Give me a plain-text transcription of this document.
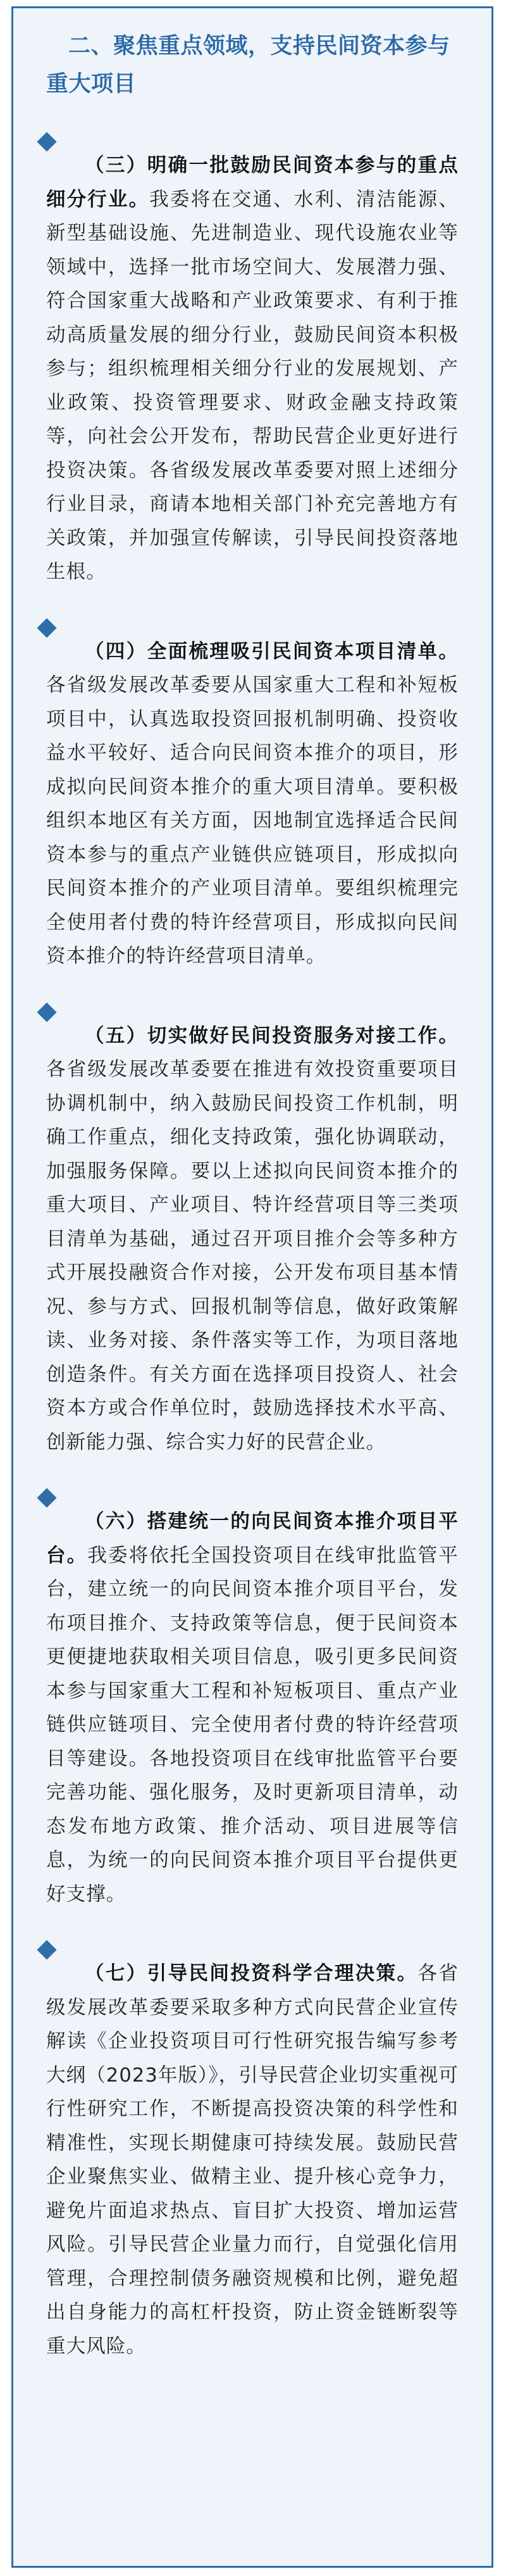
二、聚焦重点领域，支持民间资本参与重大项目

（三）明确一批鼓励民间资本参与的重点细分行业。我委将在交通、水利、清洁能源、新型基础设施、先进制造业、现代设施农业等领域中，选择一批市场空间大、发展潜力强、符合国家重大战略和产业政策要求、有利于推动高质量发展的细分行业，鼓励民间资本积极参与；组织梳理相关细分行业的发展规划、产业政策、投资管理要求、财政金融支持政策等，向社会公开发布，帮助民营企业更好进行投资决策。各省级发展改革委要对照上述细分行业目录，商请本地相关部门补充完善地方有关政策，并加强宣传解读，引导民间投资落地生根。

（四）全面梳理吸引民间资本项目清单。各省级发展改革委要从国家重大工程和补短板项目中，认真选取投资回报机制明确、投资收益水平较好、适合向民间资本推介的项目，形成拟向民间资本推介的重大项目清单。要积极组织本地区有关方面，因地制宜选择适合民间资本参与的重点产业链供应链项目，形成拟向民间资本推介的产业项目清单。要组织梳理完全使用者付费的特许经营项目，形成拟向民间资本推介的特许经营项目清单。

（五）切实做好民间投资服务对接工作。各省级发展改革委要在推进有效投资重要项目协调机制中，纳入鼓励民间投资工作机制，明确工作重点，细化支持政策，强化协调联动，加强服务保障。要以上述拟向民间资本推介的重大项目、产业项目、特许经营项目等三类项目清单为基础，通过召开项目推介会等多种方式开展投融资合作对接，公开发布项目基本情况、参与方式、回报机制等信息，做好政策解读、业务对接、条件落实等工作，为项目落地创造条件。有关方面在选择项目投资人、社会资本方或合作单位时，鼓励选择技术水平高、创新能力强、综合实力好的民营企业。

（六）搭建统一的向民间资本推介项目平台。我委将依托全国投资项目在线审批监管平台，建立统一的向民间资本推介项目平台，发布项目推介、支持政策等信息，便于民间资本更便捷地获取相关项目信息，吸引更多民间资本参与国家重大工程和补短板项目、重点产业链供应链项目、完全使用者付费的特许经营项目等建设。各地投资项目在线审批监管平台要完善功能、强化服务，及时更新项目清单，动态发布地方政策、推介活动、项目进展等信息，为统一的向民间资本推介项目平台提供更好支撑。

（七）引导民间投资科学合理决策。各省级发展改革委要采取多种方式向民营企业宣传解读《企业投资项目可行性研究报告编写参考大纲（2023年版）》，引导民营企业切实重视可行性研究工作，不断提高投资决策的科学性和精准性，实现长期健康可持续发展。鼓励民营企业聚焦实业、做精主业、提升核心竞争力，避免片面追求热点、盲目扩大投资、增加运营风险。引导民营企业量力而行，自觉强化信用管理，合理控制债务融资规模和比例，避免超出自身能力的高杠杆投资，防止资金链断裂等重大风险。
